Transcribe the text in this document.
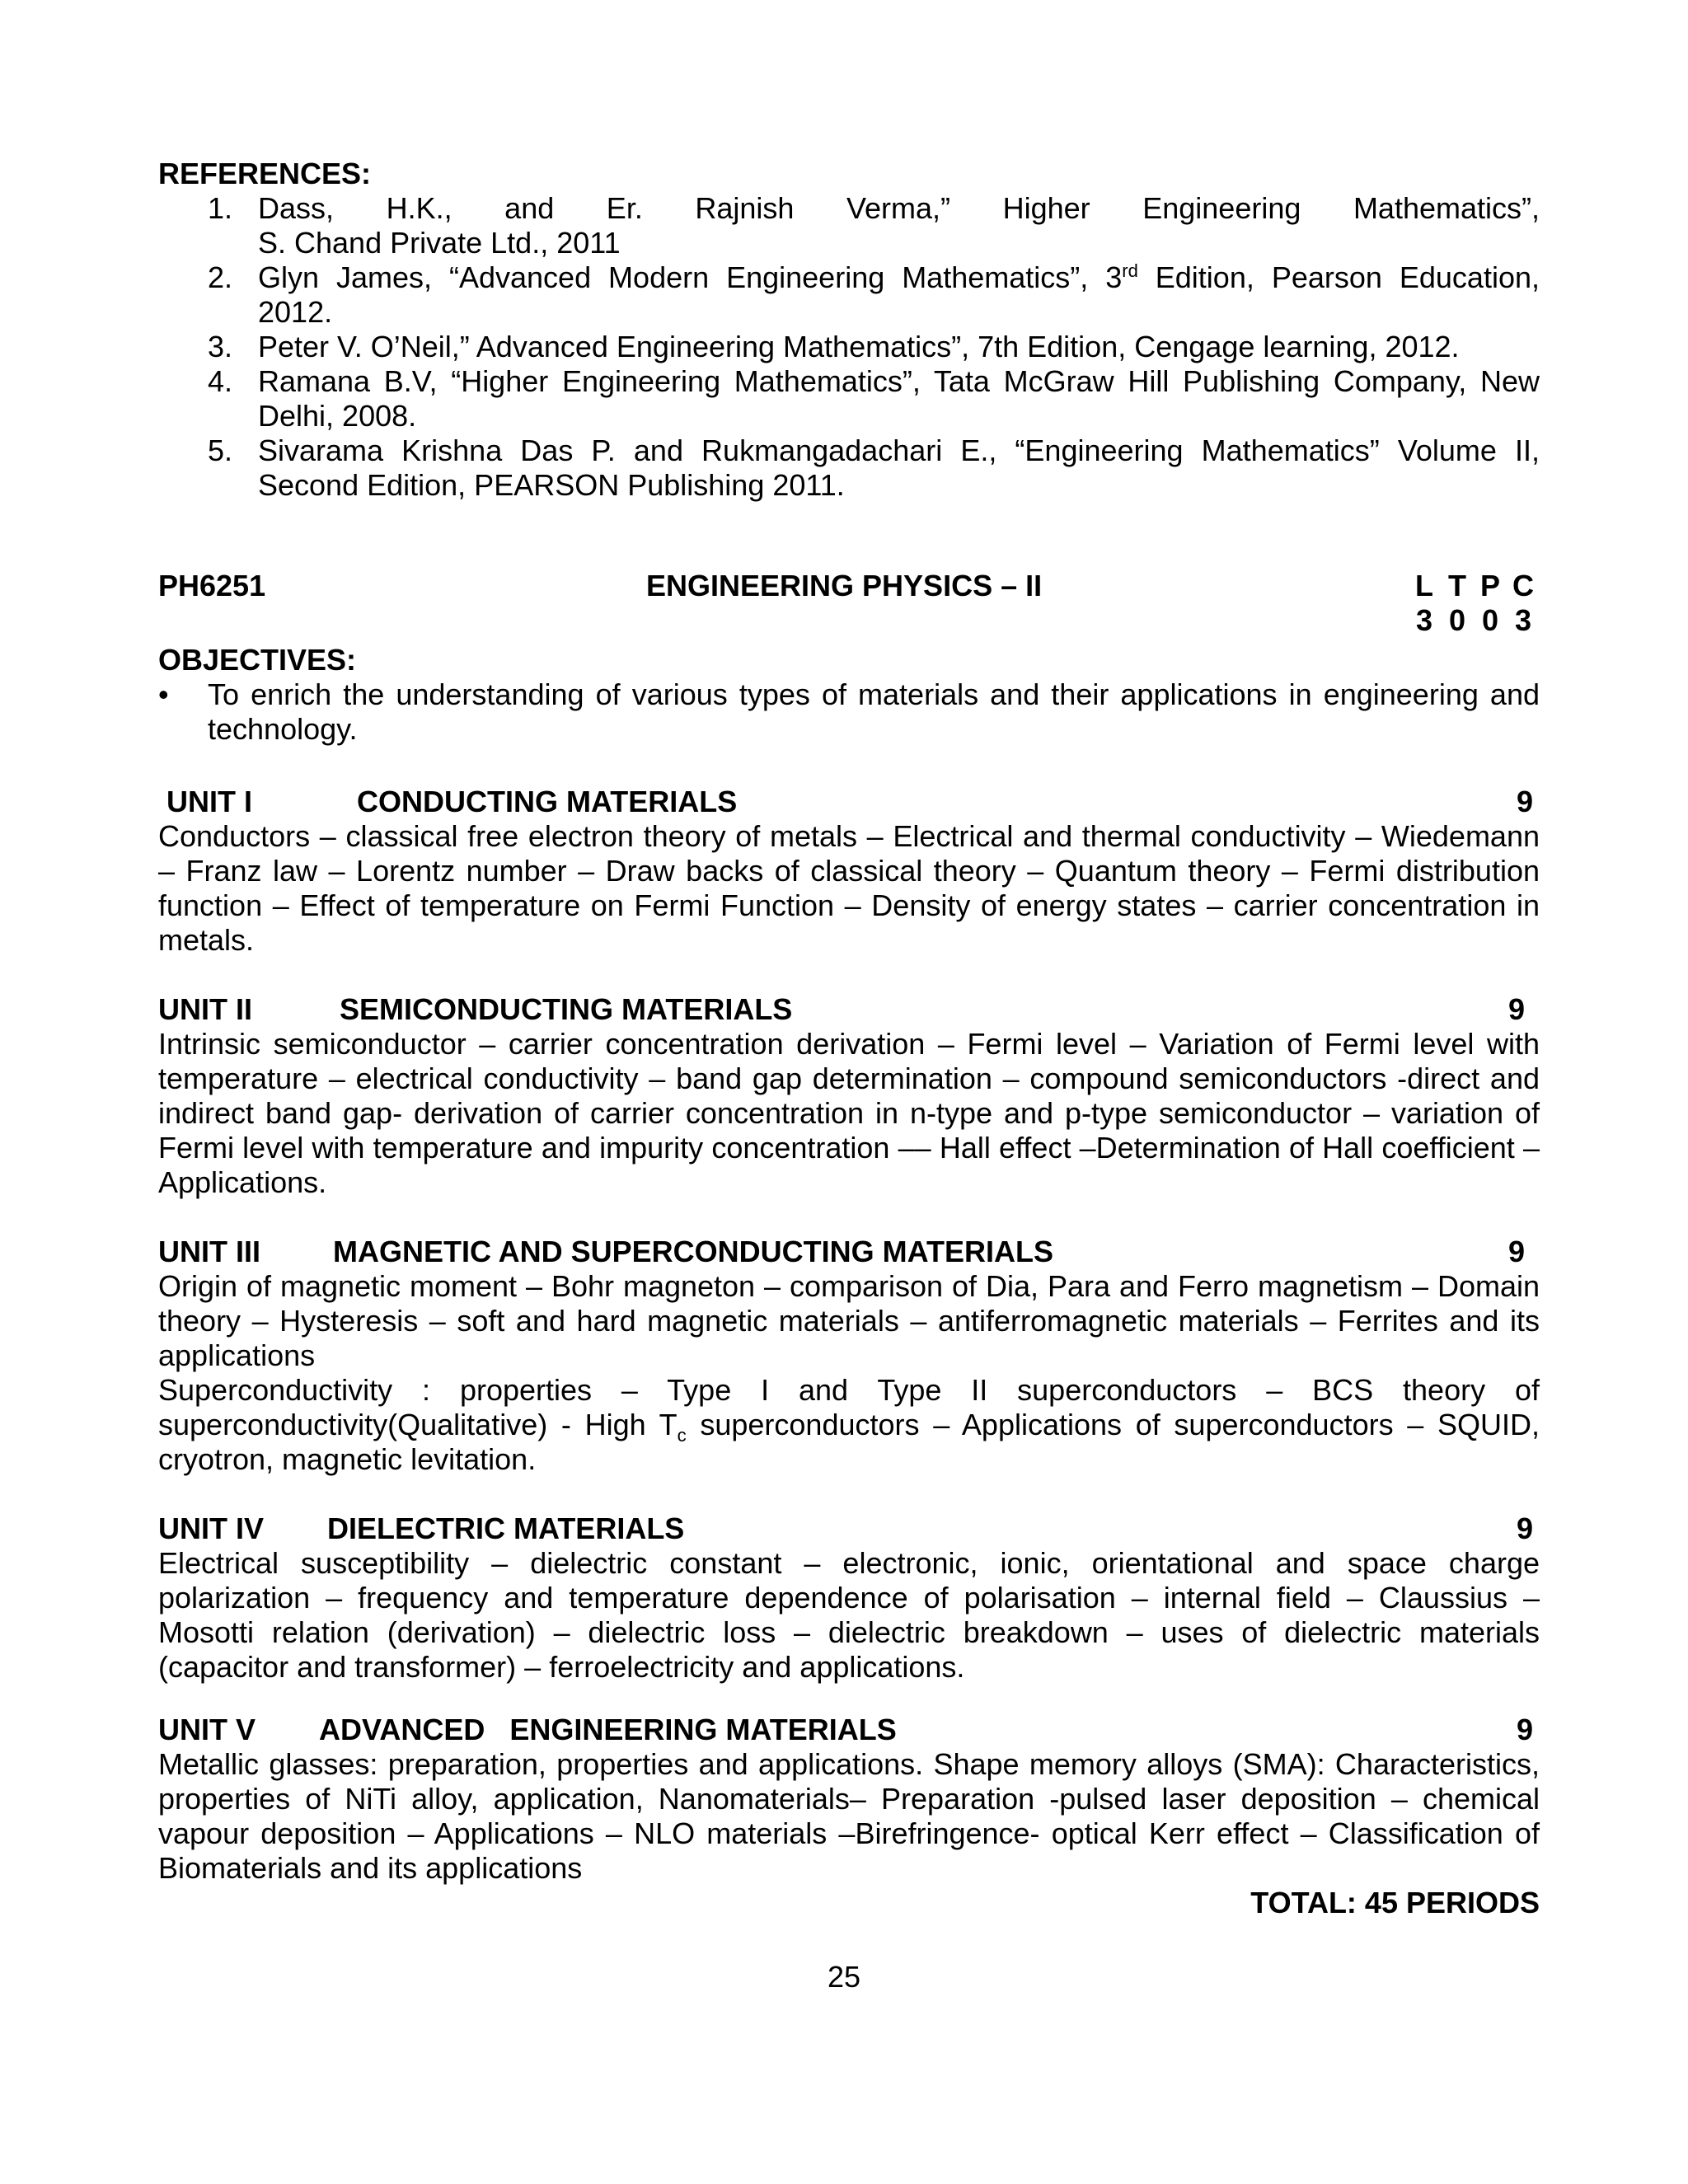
REFERENCES:
1. Dass, H.K., and Er. Rajnish Verma,” Higher Engineering Mathematics”,
S. Chand Private Ltd., 2011
2. Glyn James, “Advanced Modern Engineering Mathematics”, 3rd Edition, Pearson Education, 2012.
3. Peter V. O’Neil,” Advanced Engineering Mathematics”, 7th Edition, Cengage learning, 2012.
4. Ramana B.V, “Higher Engineering Mathematics”, Tata McGraw Hill Publishing Company, New Delhi, 2008.
5. Sivarama Krishna Das P. and Rukmangadachari E., “Engineering Mathematics” Volume II, Second Edition, PEARSON Publishing 2011.
PH6251	ENGINEERING PHYSICS – II	L T P C
3 0 0 3
OBJECTIVES:
•	To enrich the understanding of various types of materials and their applications in engineering and technology.
UNIT I	CONDUCTING MATERIALS	9
Conductors – classical free electron theory of metals – Electrical and thermal conductivity – Wiedemann – Franz law – Lorentz number – Draw backs of classical theory – Quantum theory – Fermi distribution function – Effect of temperature on Fermi Function – Density of energy states – carrier concentration in metals.
UNIT II	SEMICONDUCTING MATERIALS	9
Intrinsic semiconductor – carrier concentration derivation – Fermi level – Variation of Fermi level with temperature – electrical conductivity – band gap determination – compound semiconductors -direct and indirect band gap- derivation of carrier concentration in n-type and p-type semiconductor – variation of Fermi level with temperature and impurity concentration –– Hall effect –Determination of Hall coefficient – Applications.
UNIT III	MAGNETIC AND SUPERCONDUCTING MATERIALS	9
Origin of magnetic moment – Bohr magneton – comparison of Dia, Para and Ferro magnetism – Domain theory – Hysteresis – soft and hard magnetic materials – antiferromagnetic materials – Ferrites and its applications
Superconductivity : properties – Type I and Type II superconductors – BCS theory of superconductivity(Qualitative) - High $T_c$ superconductors – Applications of superconductors – SQUID, cryotron, magnetic levitation.
UNIT IV	DIELECTRIC MATERIALS	9
Electrical susceptibility – dielectric constant – electronic, ionic, orientational and space charge polarization – frequency and temperature dependence of polarisation – internal field – Claussius – Mosotti relation (derivation) – dielectric loss – dielectric breakdown – uses of dielectric materials (capacitor and transformer) – ferroelectricity and applications.
UNIT V	ADVANCED   ENGINEERING MATERIALS	9
Metallic glasses: preparation, properties and applications. Shape memory alloys (SMA): Characteristics, properties of NiTi alloy, application, Nanomaterials– Preparation -pulsed laser deposition – chemical vapour deposition – Applications – NLO materials –Birefringence- optical Kerr effect – Classification of Biomaterials and its applications
TOTAL: 45 PERIODS
25
